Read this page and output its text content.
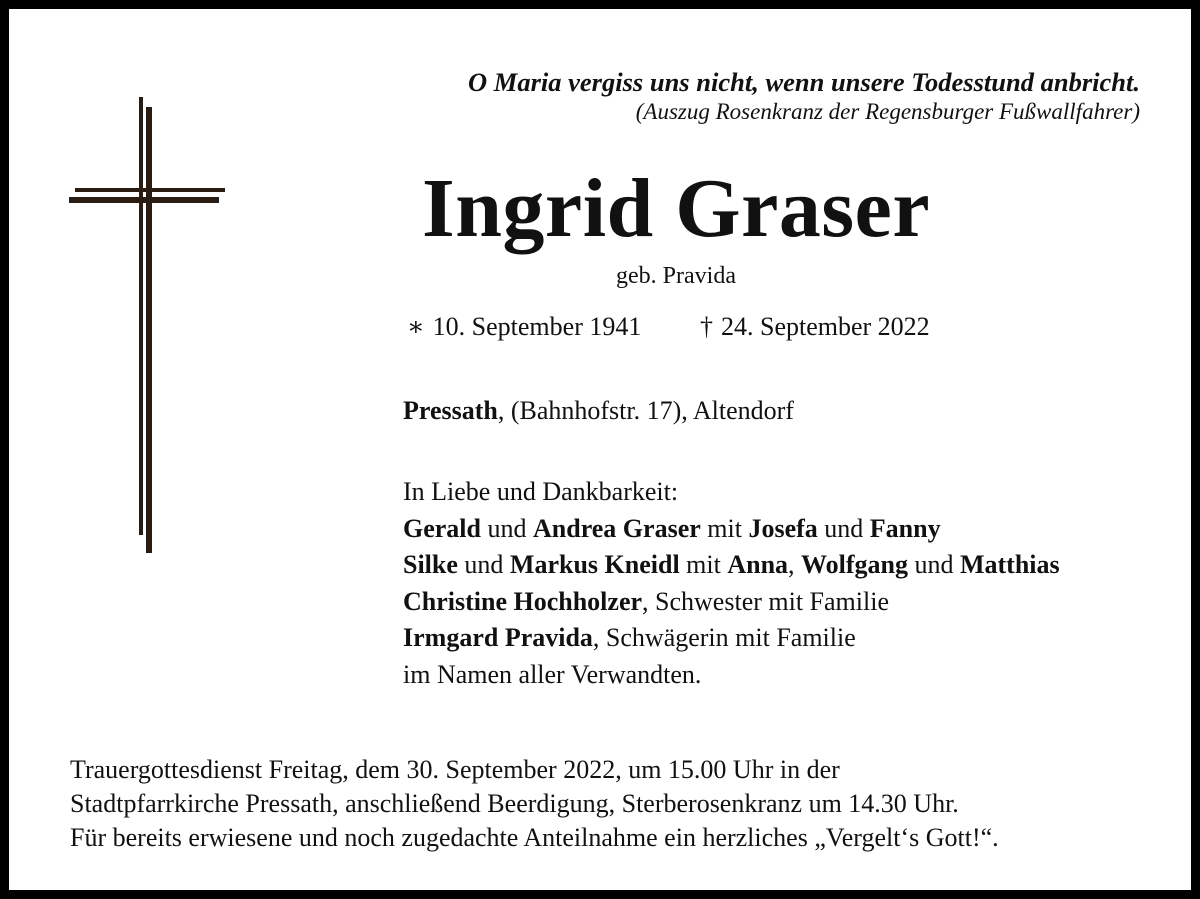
O Maria vergiss uns nicht, wenn unsere Todesstund anbricht.
(Auszug Rosenkranz der Regensburger Fußwallfahrer)
Ingrid Graser
geb. Pravida
∗ 10. September 1941 † 24. September 2022
Pressath, (Bahnhofstr. 17), Altendorf
In Liebe und Dankbarkeit:
Gerald und Andrea Graser mit Josefa und Fanny
Silke und Markus Kneidl mit Anna, Wolfgang und Matthias
Christine Hochholzer, Schwester mit Familie
Irmgard Pravida, Schwägerin mit Familie
im Namen aller Verwandten.
Trauergottesdienst Freitag, dem 30. September 2022, um 15.00 Uhr in der
Stadtpfarrkirche Pressath, anschließend Beerdigung, Sterberosenkranz um 14.30 Uhr.
Für bereits erwiesene und noch zugedachte Anteilnahme ein herzliches „Vergelt‘s Gott!“.
